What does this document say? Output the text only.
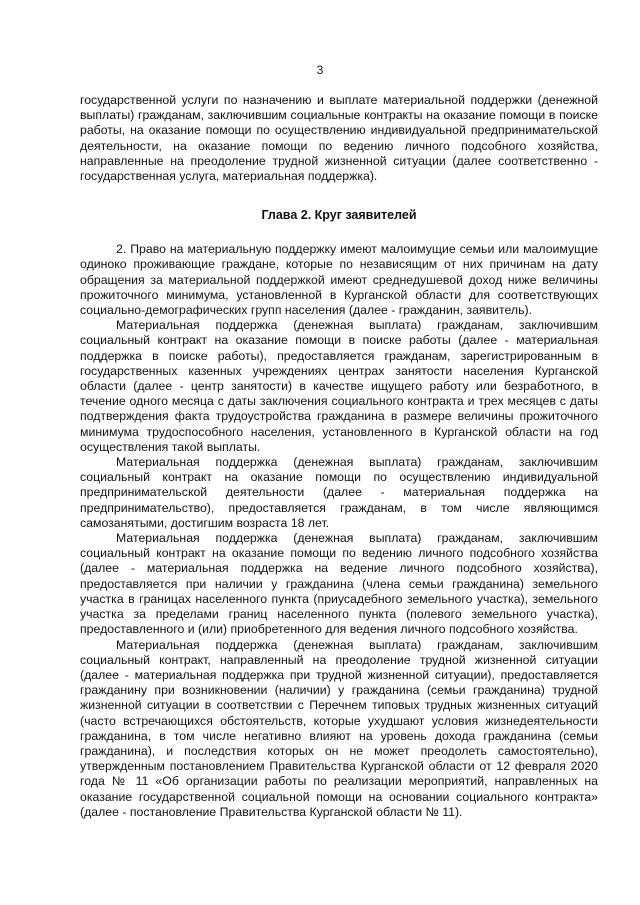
3

государственной услуги по назначению и выплате материальной поддержки (денежной выплаты) гражданам, заключившим социальные контракты на оказание помощи в поиске работы, на оказание помощи по осуществлению индивидуальной предпринимательской деятельности, на оказание помощи по ведению личного подсобного хозяйства, направленные на преодоление трудной жизненной ситуации (далее соответственно - государственная услуга, материальная поддержка).

Глава 2. Круг заявителей

2. Право на материальную поддержку имеют малоимущие семьи или малоимущие одиноко проживающие граждане, которые по независящим от них причинам на дату обращения за материальной поддержкой имеют среднедушевой доход ниже величины прожиточного минимума, установленной в Курганской области для соответствующих социально-демографических групп населения (далее - гражданин, заявитель).

Материальная поддержка (денежная выплата) гражданам, заключившим социальный контракт на оказание помощи в поиске работы (далее - материальная поддержка в поиске работы), предоставляется гражданам, зарегистрированным в государственных казенных учреждениях центрах занятости населения Курганской области (далее - центр занятости) в качестве ищущего работу или безработного, в течение одного месяца с даты заключения социального контракта и трех месяцев с даты подтверждения факта трудоустройства гражданина в размере величины прожиточного минимума трудоспособного населения, установленного в Курганской области на год осуществления такой выплаты.

Материальная поддержка (денежная выплата) гражданам, заключившим социальный контракт на оказание помощи по осуществлению индивидуальной предпринимательской деятельности (далее - материальная поддержка на предпринимательство), предоставляется гражданам, в том числе являющимся самозанятыми, достигшим возраста 18 лет.

Материальная поддержка (денежная выплата) гражданам, заключившим социальный контракт на оказание помощи по ведению личного подсобного хозяйства (далее - материальная поддержка на ведение личного подсобного хозяйства), предоставляется при наличии у гражданина (члена семьи гражданина) земельного участка в границах населенного пункта (приусадебного земельного участка), земельного участка за пределами границ населенного пункта (полевого земельного участка), предоставленного и (или) приобретенного для ведения личного подсобного хозяйства.

Материальная поддержка (денежная выплата) гражданам, заключившим социальный контракт, направленный на преодоление трудной жизненной ситуации (далее - материальная поддержка при трудной жизненной ситуации), предоставляется гражданину при возникновении (наличии) у гражданина (семьи гражданина) трудной жизненной ситуации в соответствии с Перечнем типовых трудных жизненных ситуаций (часто встречающихся обстоятельств, которые ухудшают условия жизнедеятельности гражданина, в том числе негативно влияют на уровень дохода гражданина (семьи гражданина), и последствия которых он не может преодолеть самостоятельно), утвержденным постановлением Правительства Курганской области от 12 февраля 2020 года № 11 «Об организации работы по реализации мероприятий, направленных на оказание государственной социальной помощи на основании социального контракта» (далее - постановление Правительства Курганской области № 11).
